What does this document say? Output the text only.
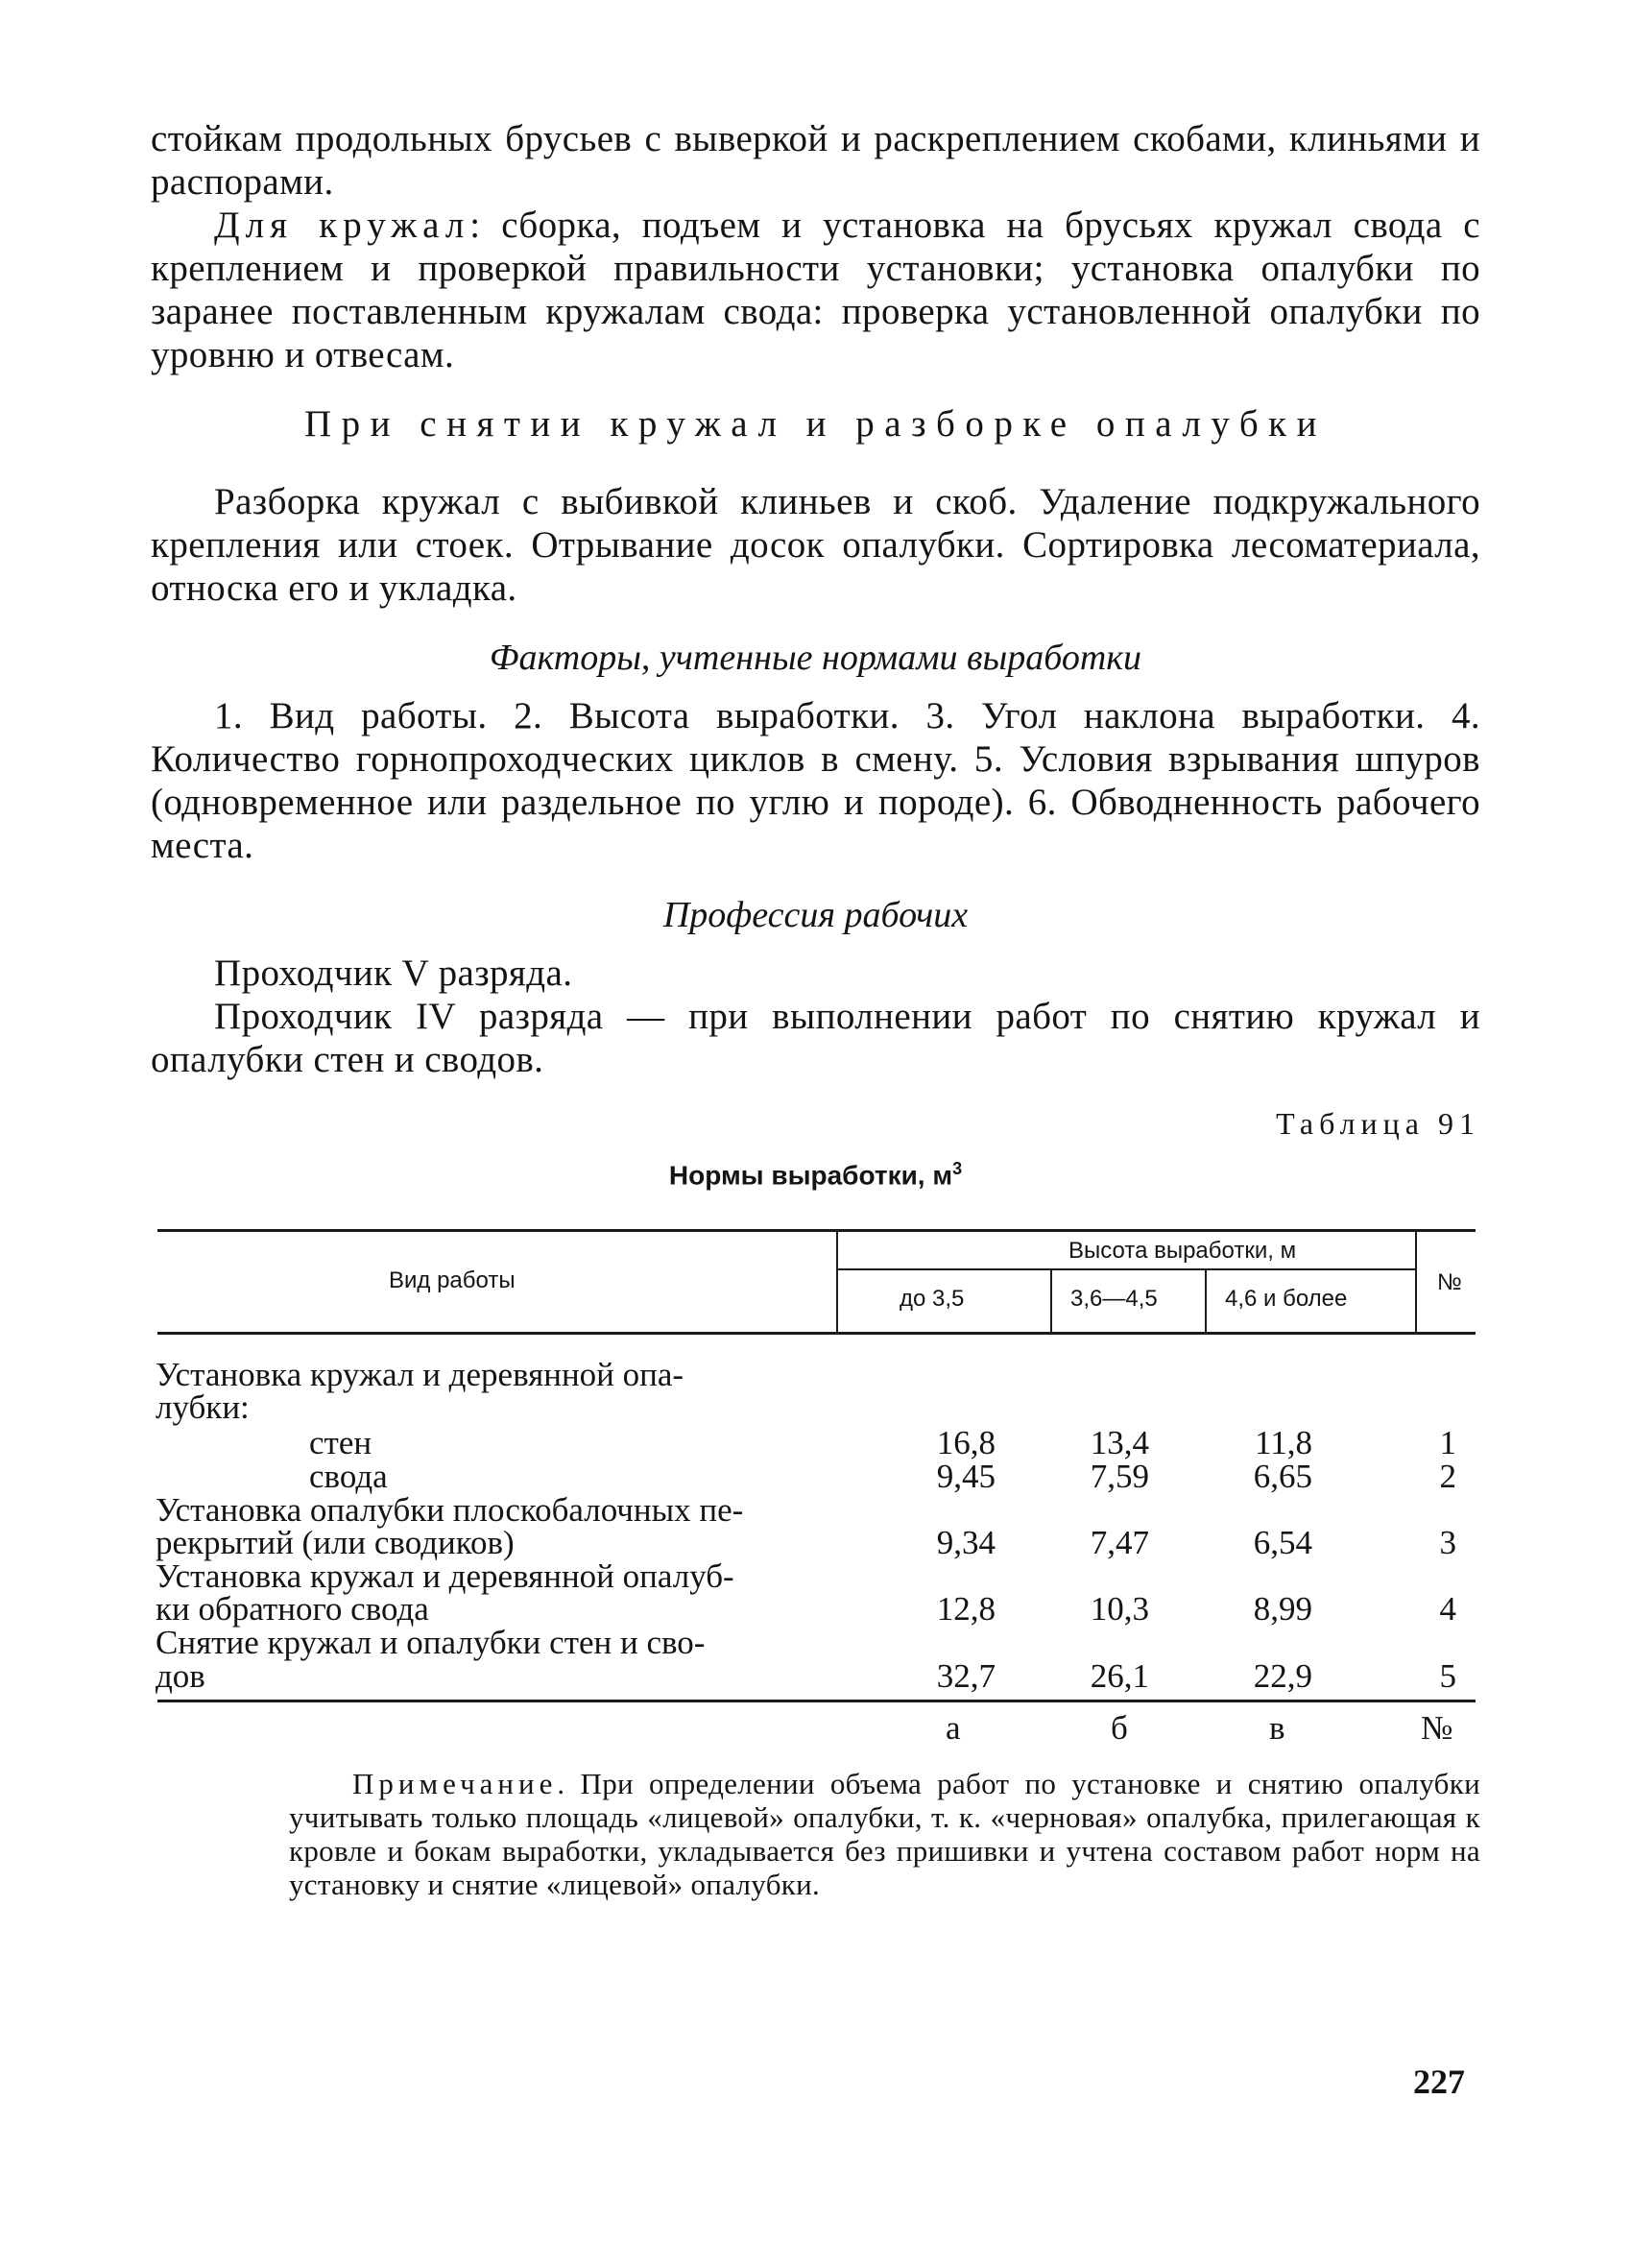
стойкам продольных брусьев с выверкой и раскреплением скобами, клиньями и распорами.

Для кружал: сборка, подъем и установка на брусьях кружал свода с креплением и проверкой правильности установки; установка опалубки по заранее поставленным кружалам свода: проверка установленной опалубки по уровню и отвесам.

При снятии кружал и разборке опалубки

Разборка кружал с выбивкой клиньев и скоб. Удаление подкружального крепления или стоек. Отрывание досок опалубки. Сортировка лесоматериала, относка его и укладка.

Факторы, учтенные нормами выработки

1. Вид работы. 2. Высота выработки. 3. Угол наклона выработки. 4. Количество горнопроходческих циклов в смену. 5. Условия взрывания шпуров (одновременное или раздельное по углю и породе). 6. Обводненность рабочего места.

Профессия рабочих

Проходчик V разряда.

Проходчик IV разряда — при выполнении работ по снятию кружал и опалубки стен и сводов.

Таблица 91

Нормы выработки, $м^3$

Вид работы
Высота выработки, м
до 3,5	3,6—4,5	4,6 и более
№
Установка кружал и деревянной опа-
лубки:
стен	16,8	13,4	11,8	1
свода	9,45	7,59	6,65	2
Установка опалубки плоскобалочных пе-
рекрытий (или сводиков)	9,34	7,47	6,54	3
Установка кружал и деревянной опалуб-
ки обратного свода	12,8	10,3	8,99	4
Снятие кружал и опалубки стен и сво-
дов	32,7	26,1	22,9	5

Примечание. При определении объема работ по установке и снятию опалубки учитывать только площадь «лицевой» опалубки, т. к. «черновая» опалубка, прилегающая к кровле и бокам выработки, укладывается без пришивки и учтена составом работ норм на установку и снятие «лицевой» опалубки.

а	б	в	№
227
